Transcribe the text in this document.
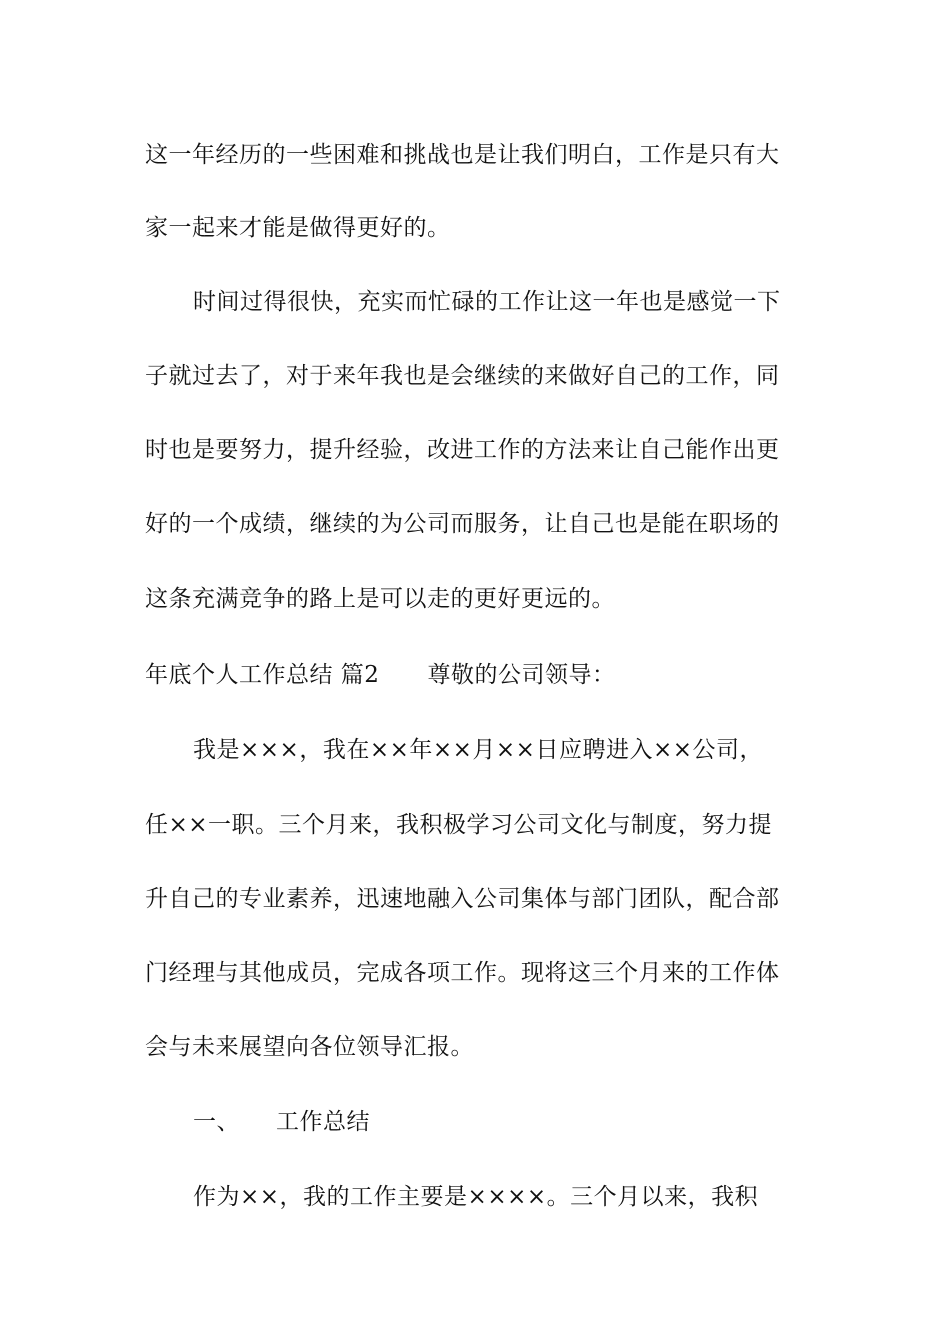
这一年经历的一些困难和挑战也是让我们明白，工作是只有大
家一起来才能是做得更好的。
时间过得很快，充实而忙碌的工作让这一年也是感觉一下
子就过去了，对于来年我也是会继续的来做好自己的工作，同
时也是要努力，提升经验，改进工作的方法来让自己能作出更
好的一个成绩，继续的为公司而服务，让自己也是能在职场的
这条充满竞争的路上是可以走的更好更远的。
年底个人工作总结 篇2 尊敬的公司领导：
我是×××，我在××年××月××日应聘进入××公司，
任××一职。三个月来，我积极学习公司文化与制度，努力提
升自己的专业素养，迅速地融入公司集体与部门团队，配合部
门经理与其他成员，完成各项工作。现将这三个月来的工作体
会与未来展望向各位领导汇报。
一、 工作总结
作为××，我的工作主要是××××。三个月以来，我积
